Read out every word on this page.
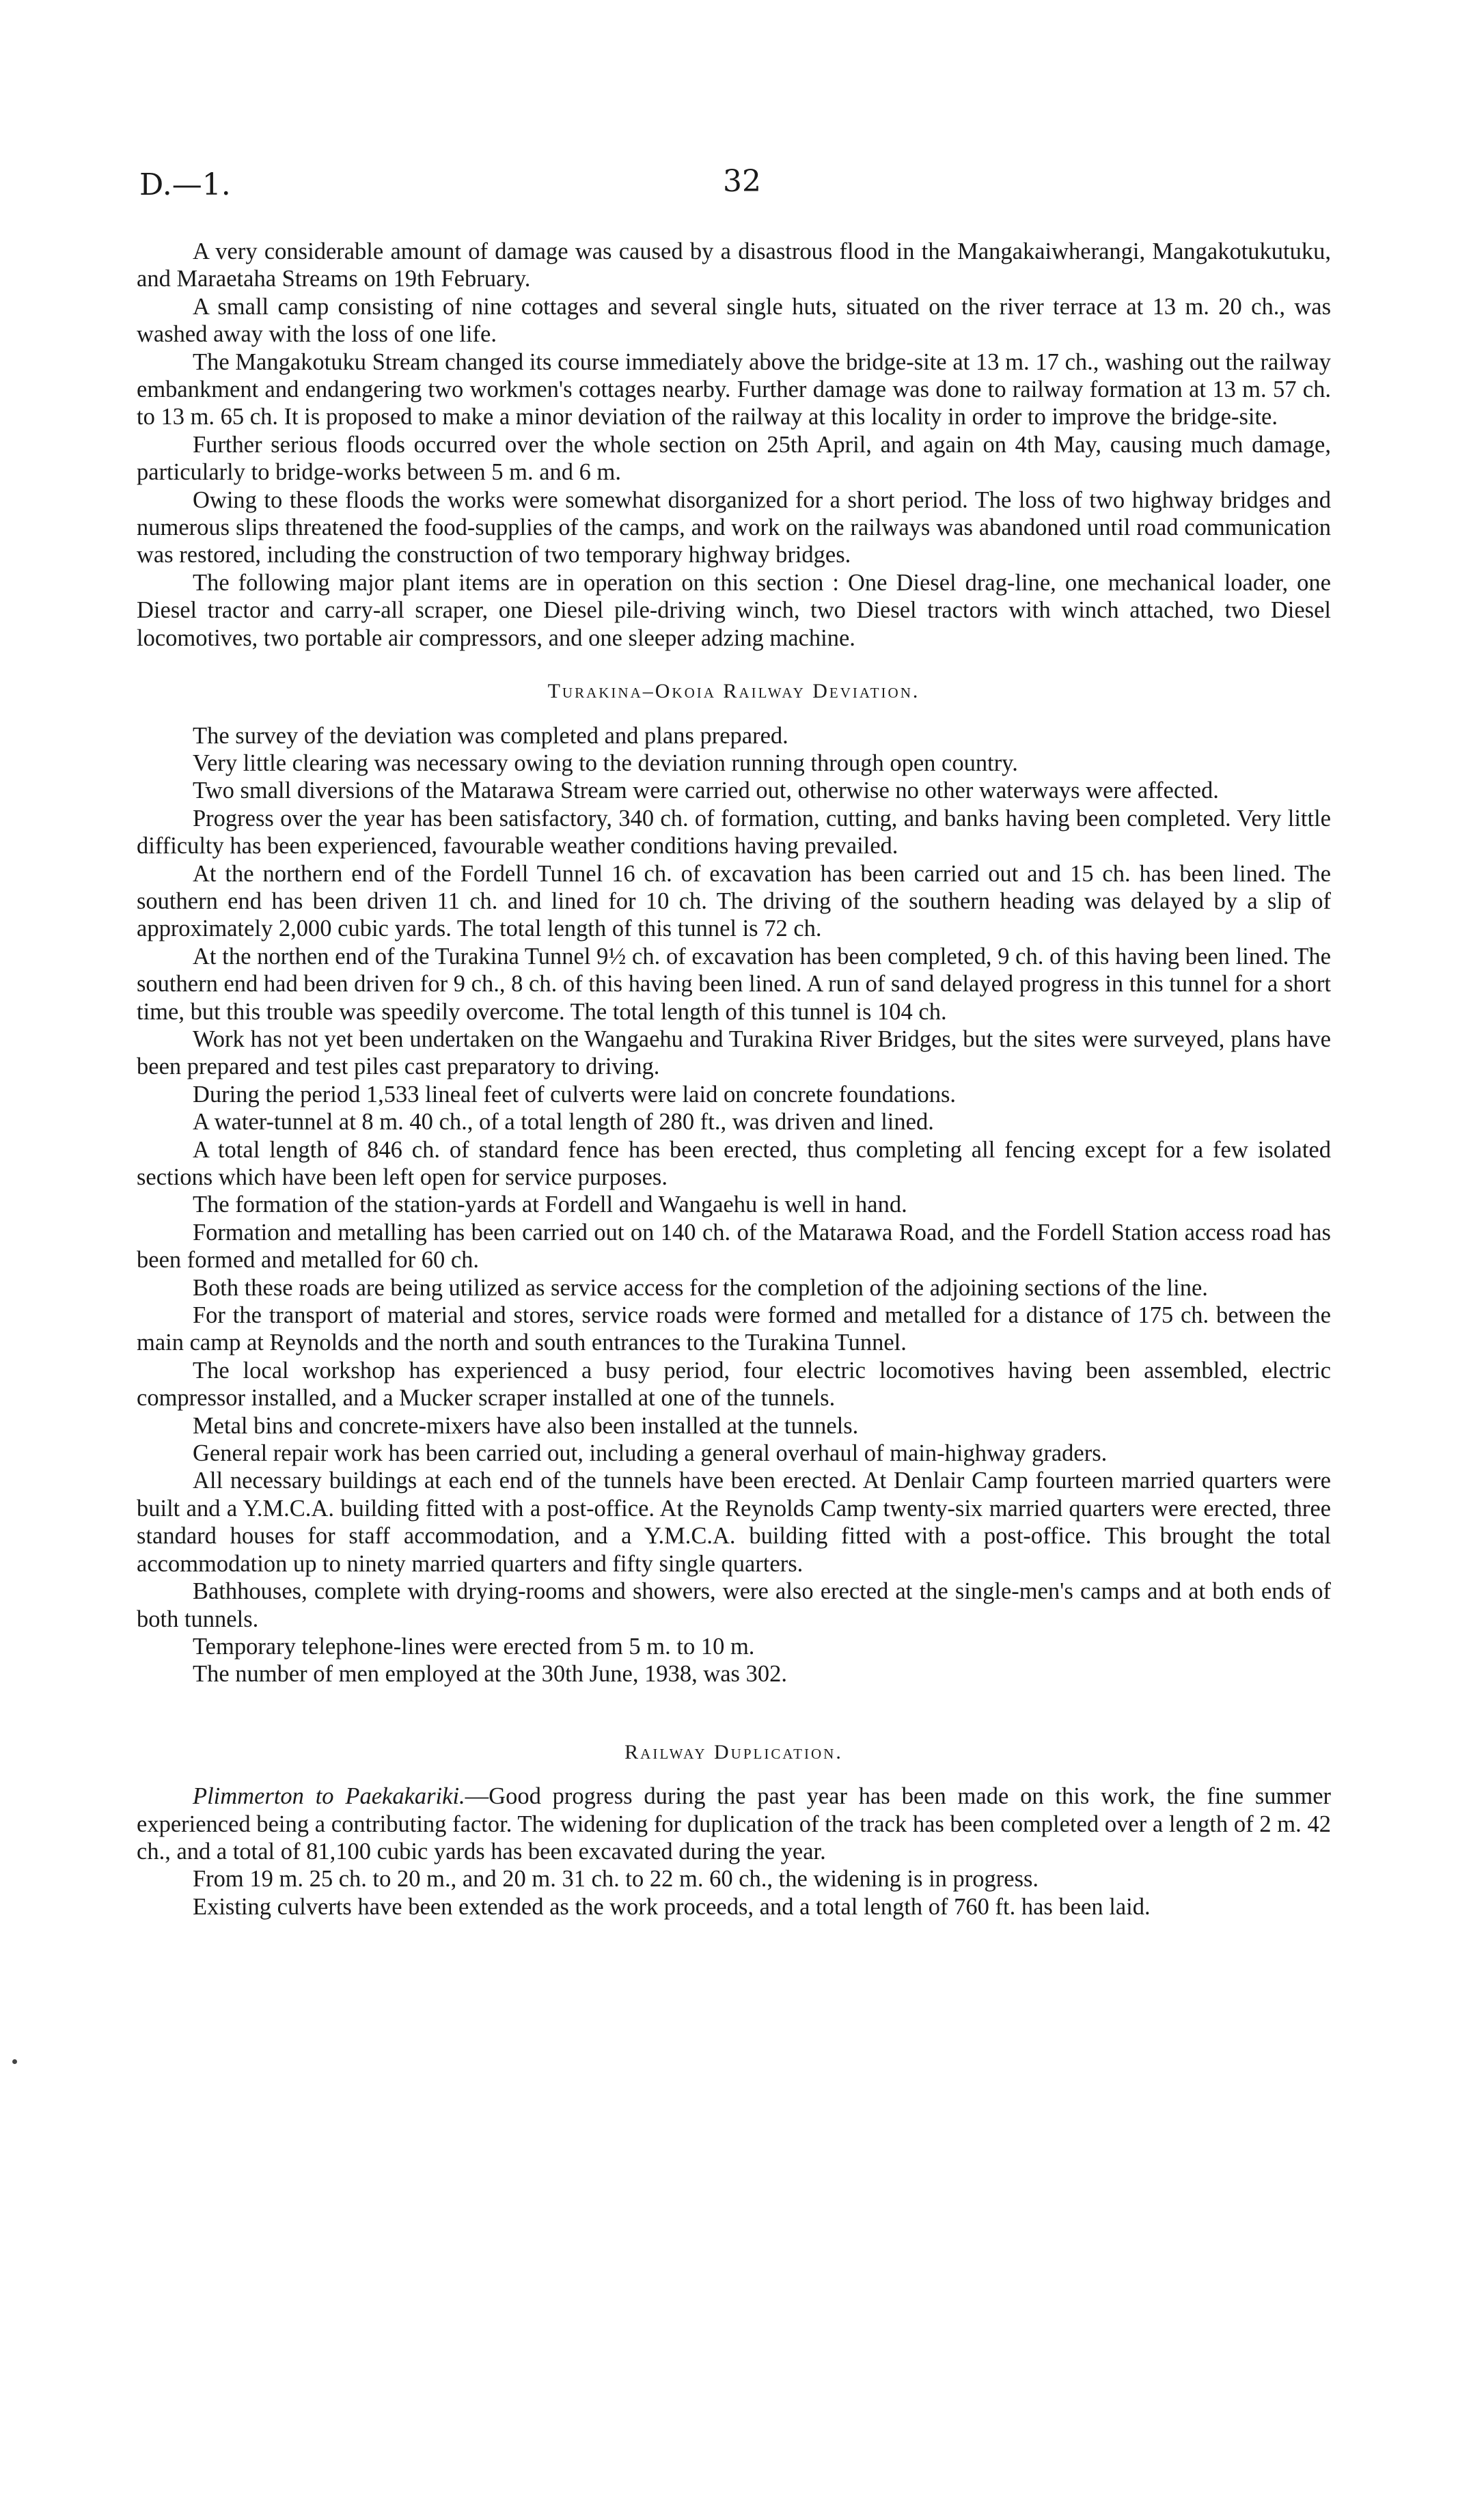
D.—1.	32

A very considerable amount of damage was caused by a disastrous flood in the Mangakaiwherangi, Mangakotukutuku, and Maraetaha Streams on 19th February.

A small camp consisting of nine cottages and several single huts, situated on the river terrace at 13 m. 20 ch., was washed away with the loss of one life.

The Mangakotuku Stream changed its course immediately above the bridge-site at 13 m. 17 ch., washing out the railway embankment and endangering two workmen's cottages nearby. Further damage was done to railway formation at 13 m. 57 ch. to 13 m. 65 ch. It is proposed to make a minor deviation of the railway at this locality in order to improve the bridge-site.

Further serious floods occurred over the whole section on 25th April, and again on 4th May, causing much damage, particularly to bridge-works between 5 m. and 6 m.

Owing to these floods the works were somewhat disorganized for a short period. The loss of two highway bridges and numerous slips threatened the food-supplies of the camps, and work on the railways was abandoned until road communication was restored, including the construction of two temporary highway bridges.

The following major plant items are in operation on this section : One Diesel drag-line, one mechanical loader, one Diesel tractor and carry-all scraper, one Diesel pile-driving winch, two Diesel tractors with winch attached, two Diesel locomotives, two portable air compressors, and one sleeper adzing machine.

Turakina–Okoia Railway Deviation.

The survey of the deviation was completed and plans prepared.

Very little clearing was necessary owing to the deviation running through open country.

Two small diversions of the Matarawa Stream were carried out, otherwise no other waterways were affected.

Progress over the year has been satisfactory, 340 ch. of formation, cutting, and banks having been completed. Very little difficulty has been experienced, favourable weather conditions having prevailed.

At the northern end of the Fordell Tunnel 16 ch. of excavation has been carried out and 15 ch. has been lined. The southern end has been driven 11 ch. and lined for 10 ch. The driving of the southern heading was delayed by a slip of approximately 2,000 cubic yards. The total length of this tunnel is 72 ch.

At the northen end of the Turakina Tunnel 9½ ch. of excavation has been completed, 9 ch. of this having been lined. The southern end had been driven for 9 ch., 8 ch. of this having been lined. A run of sand delayed progress in this tunnel for a short time, but this trouble was speedily overcome. The total length of this tunnel is 104 ch.

Work has not yet been undertaken on the Wangaehu and Turakina River Bridges, but the sites were surveyed, plans have been prepared and test piles cast preparatory to driving.

During the period 1,533 lineal feet of culverts were laid on concrete foundations.

A water-tunnel at 8 m. 40 ch., of a total length of 280 ft., was driven and lined.

A total length of 846 ch. of standard fence has been erected, thus completing all fencing except for a few isolated sections which have been left open for service purposes.

The formation of the station-yards at Fordell and Wangaehu is well in hand.

Formation and metalling has been carried out on 140 ch. of the Matarawa Road, and the Fordell Station access road has been formed and metalled for 60 ch.

Both these roads are being utilized as service access for the completion of the adjoining sections of the line.

For the transport of material and stores, service roads were formed and metalled for a distance of 175 ch. between the main camp at Reynolds and the north and south entrances to the Turakina Tunnel.

The local workshop has experienced a busy period, four electric locomotives having been assembled, electric compressor installed, and a Mucker scraper installed at one of the tunnels.

Metal bins and concrete-mixers have also been installed at the tunnels.

General repair work has been carried out, including a general overhaul of main-highway graders.

All necessary buildings at each end of the tunnels have been erected. At Denlair Camp fourteen married quarters were built and a Y.M.C.A. building fitted with a post-office. At the Reynolds Camp twenty-six married quarters were erected, three standard houses for staff accommodation, and a Y.M.C.A. building fitted with a post-office. This brought the total accommodation up to ninety married quarters and fifty single quarters.

Bathhouses, complete with drying-rooms and showers, were also erected at the single-men's camps and at both ends of both tunnels.

Temporary telephone-lines were erected from 5 m. to 10 m.

The number of men employed at the 30th June, 1938, was 302.

Railway Duplication.

Plimmerton to Paekakariki.—Good progress during the past year has been made on this work, the fine summer experienced being a contributing factor. The widening for duplication of the track has been completed over a length of 2 m. 42 ch., and a total of 81,100 cubic yards has been excavated during the year.

From 19 m. 25 ch. to 20 m., and 20 m. 31 ch. to 22 m. 60 ch., the widening is in progress.

Existing culverts have been extended as the work proceeds, and a total length of 760 ft. has been laid.
